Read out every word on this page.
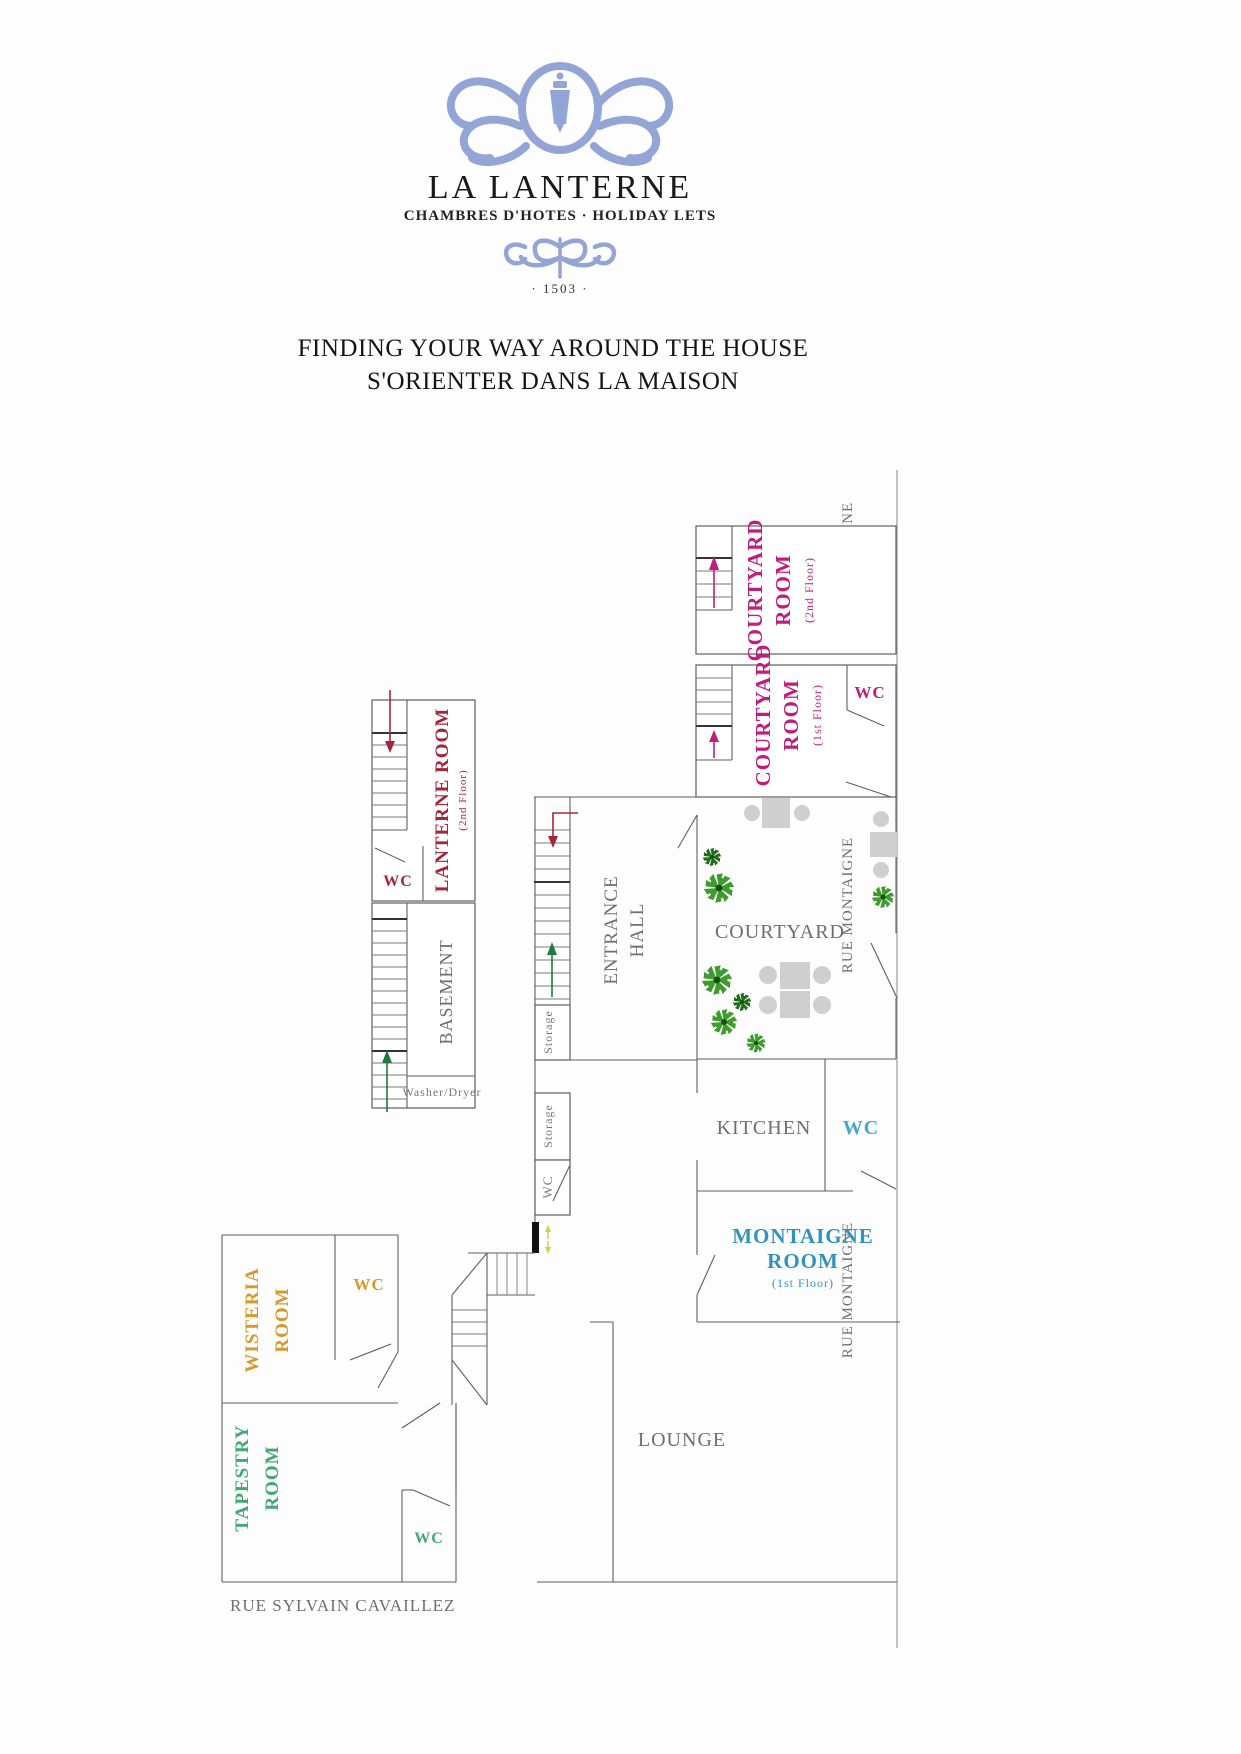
LA LANTERNE
CHAMBRES D'HOTES · HOLIDAY LETS
· 1503 ·
FINDING YOUR WAY AROUND THE HOUSE
S'ORIENTER DANS LA MAISON
RUE MONTAIGNE
RUE MONTAIGNE
RUE SYLVAIN CAVAILLEZ
COURTYARD ROOM (2nd Floor)
WC
COURTYARD ROOM (1st Floor)
COURTYARD
KITCHEN WC
MONTAIGNE
ROOM
(1st Floor)
LOUNGE
Storage
Storage
WC
ENTRANCE HALL
WC LANTERNE ROOM (2nd Floor)
Washer/Dryer
BASEMENT
WISTERIA ROOM
WC
TAPESTRY ROOM
WC
